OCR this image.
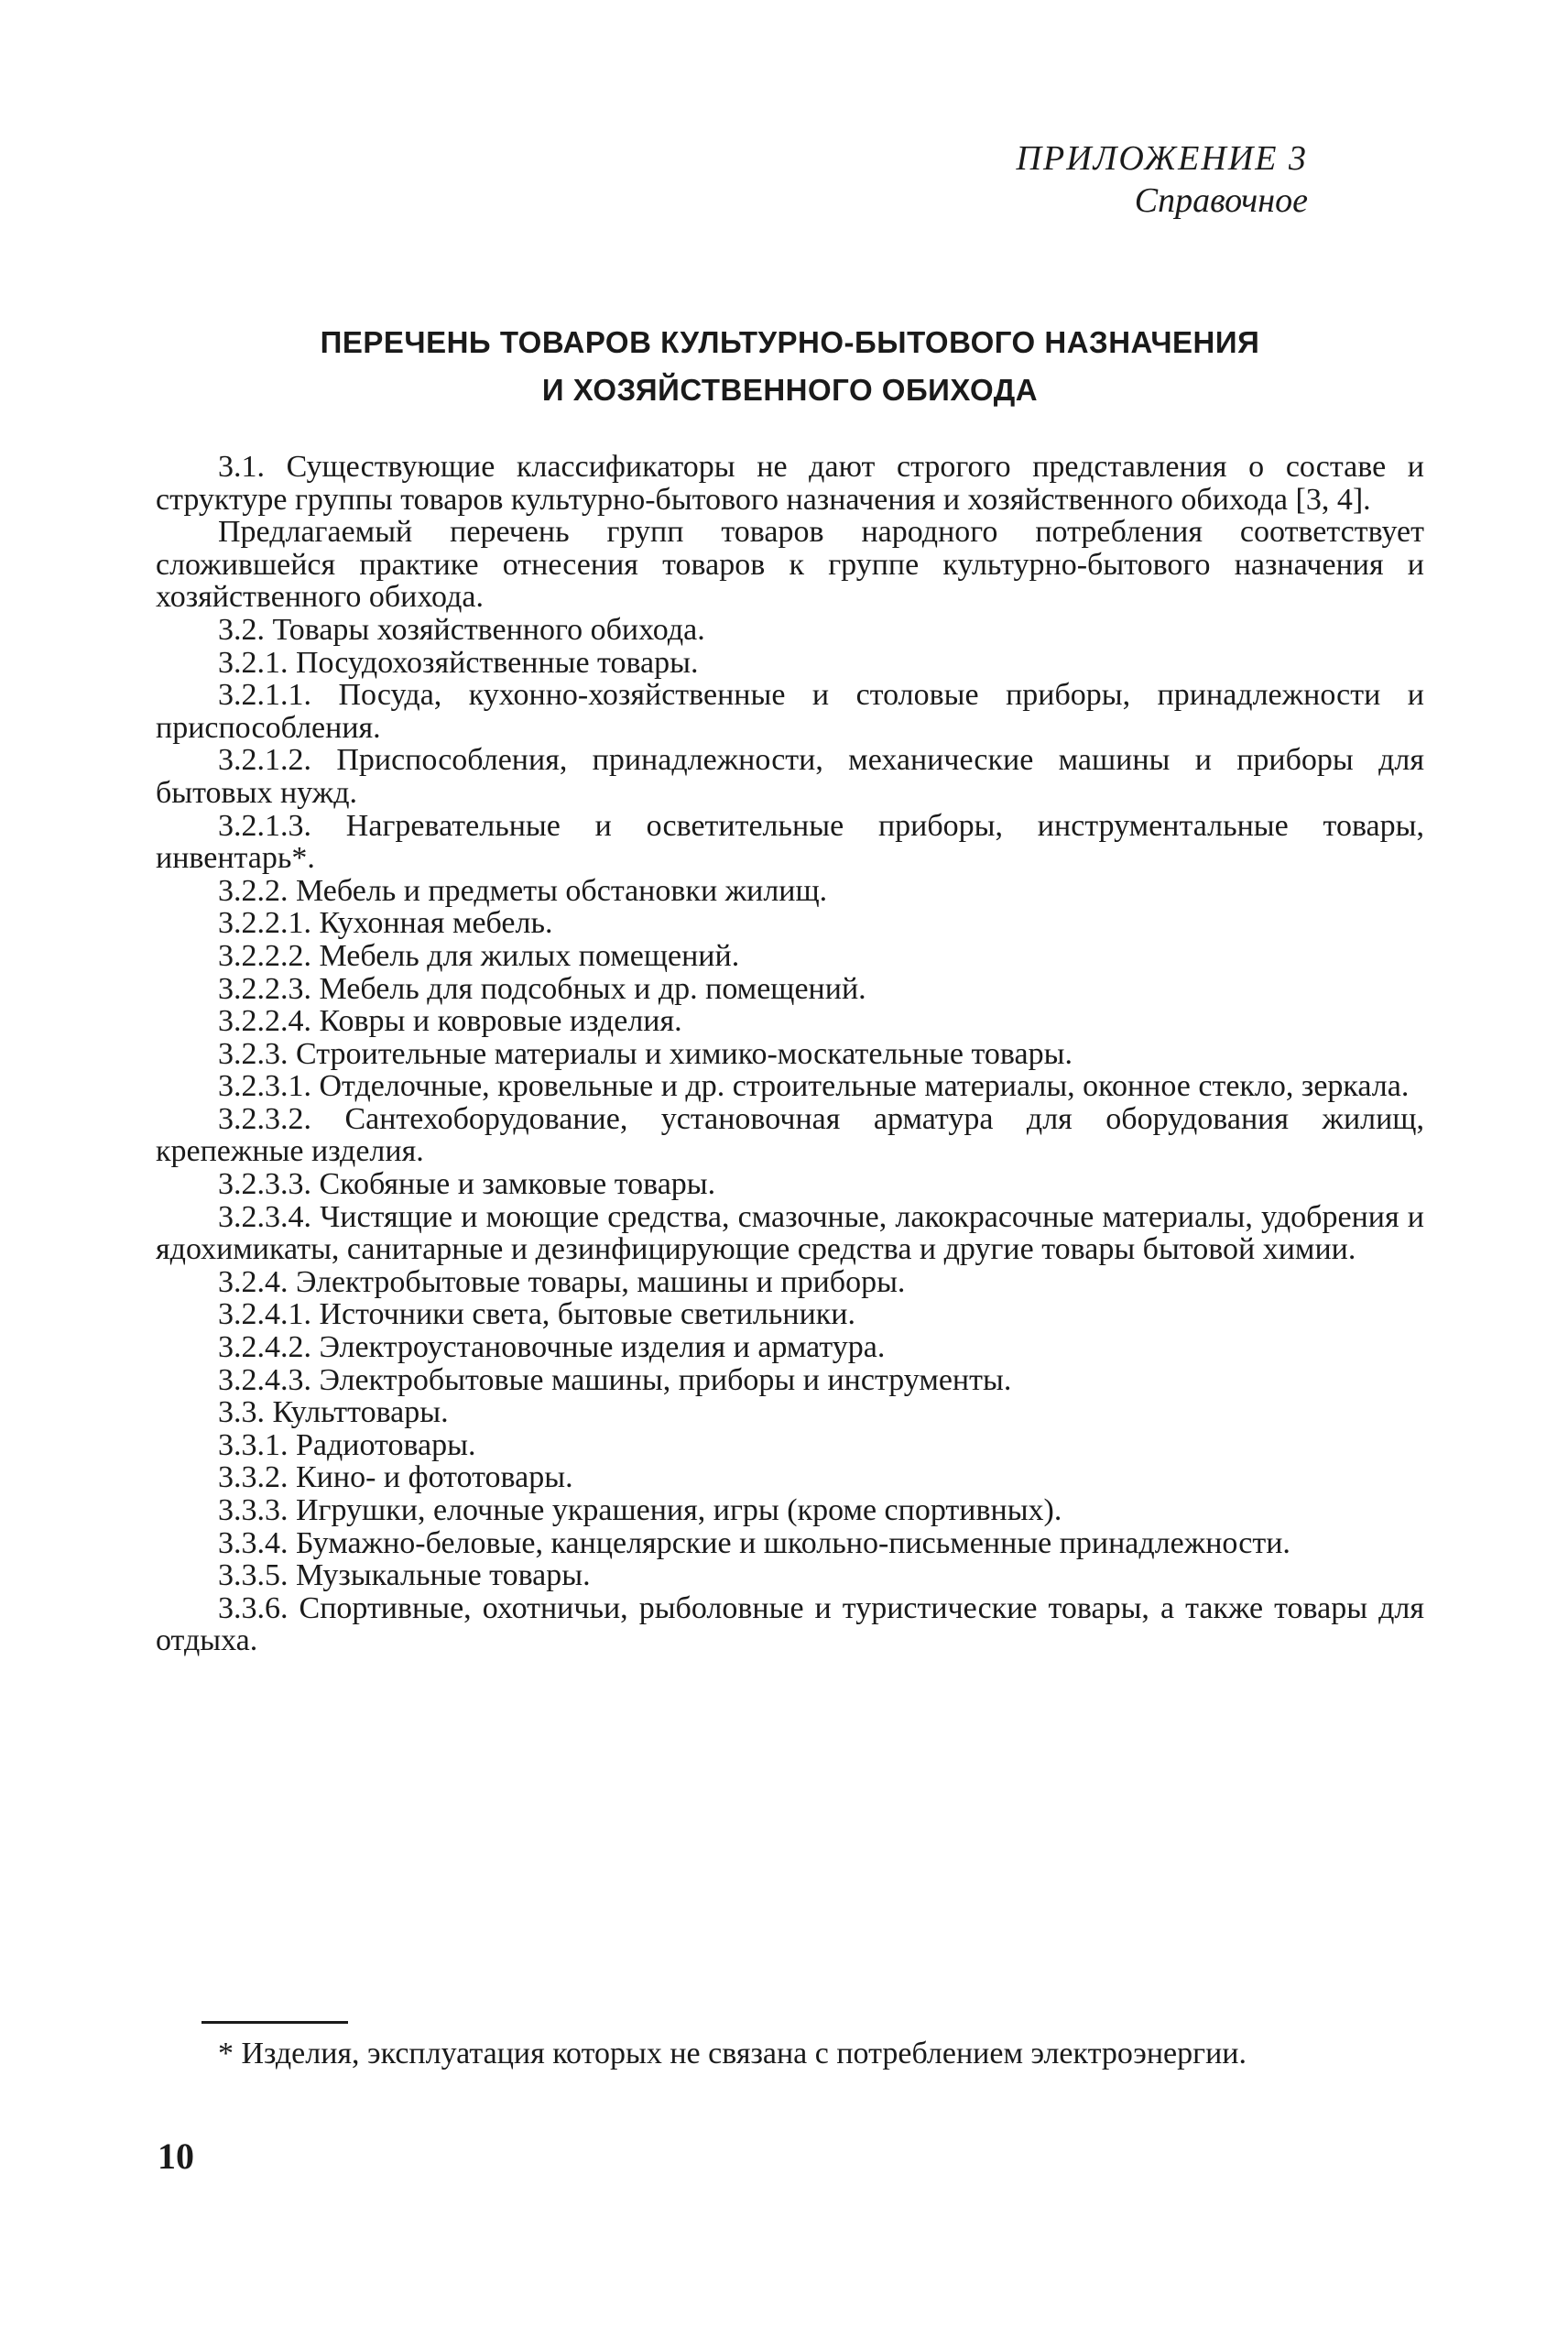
ПРИЛОЖЕНИЕ 3
Справочное
ПЕРЕЧЕНЬ ТОВАРОВ КУЛЬТУРНО-БЫТОВОГО НАЗНАЧЕНИЯ
И ХОЗЯЙСТВЕННОГО ОБИХОДА

3.1. Существующие классификаторы не дают строгого представления о составе и структуре группы товаров культурно-бытового назначения и хозяйственного обихода [3, 4].

Предлагаемый перечень групп товаров народного потребления соответствует сложившейся практике отнесения товаров к группе культурно-бытового назначения и хозяйственного обихода.

3.2. Товары хозяйственного обихода.

3.2.1. Посудохозяйственные товары.

3.2.1.1. Посуда, кухонно-хозяйственные и столовые приборы, принадлежности и приспособления.

3.2.1.2. Приспособления, принадлежности, механические машины и приборы для бытовых нужд.

3.2.1.3. Нагревательные и осветительные приборы, инструментальные товары, инвентарь*.

3.2.2. Мебель и предметы обстановки жилищ.

3.2.2.1. Кухонная мебель.

3.2.2.2. Мебель для жилых помещений.

3.2.2.3. Мебель для подсобных и др. помещений.

3.2.2.4. Ковры и ковровые изделия.

3.2.3. Строительные материалы и химико-москательные товары.

3.2.3.1. Отделочные, кровельные и др. строительные материалы, оконное стекло, зеркала.

3.2.3.2. Сантехоборудование, установочная арматура для оборудования жилищ, крепежные изделия.

3.2.3.3. Скобяные и замковые товары.

3.2.3.4. Чистящие и моющие средства, смазочные, лакокрасочные материалы, удобрения и ядохимикаты, санитарные и дезинфицирующие средства и другие товары бытовой химии.

3.2.4. Электробытовые товары, машины и приборы.

3.2.4.1. Источники света, бытовые светильники.

3.2.4.2. Электроустановочные изделия и арматура.

3.2.4.3. Электробытовые машины, приборы и инструменты.

3.3. Культтовары.

3.3.1. Радиотовары.

3.3.2. Кино- и фототовары.

3.3.3. Игрушки, елочные украшения, игры (кроме спортивных).

3.3.4. Бумажно-беловые, канцелярские и школьно-письменные принадлежности.

3.3.5. Музыкальные товары.

3.3.6. Спортивные, охотничьи, рыболовные и туристические товары, а также товары для отдыха.

* Изделия, эксплуатация которых не связана с потреблением электроэнергии.

10
